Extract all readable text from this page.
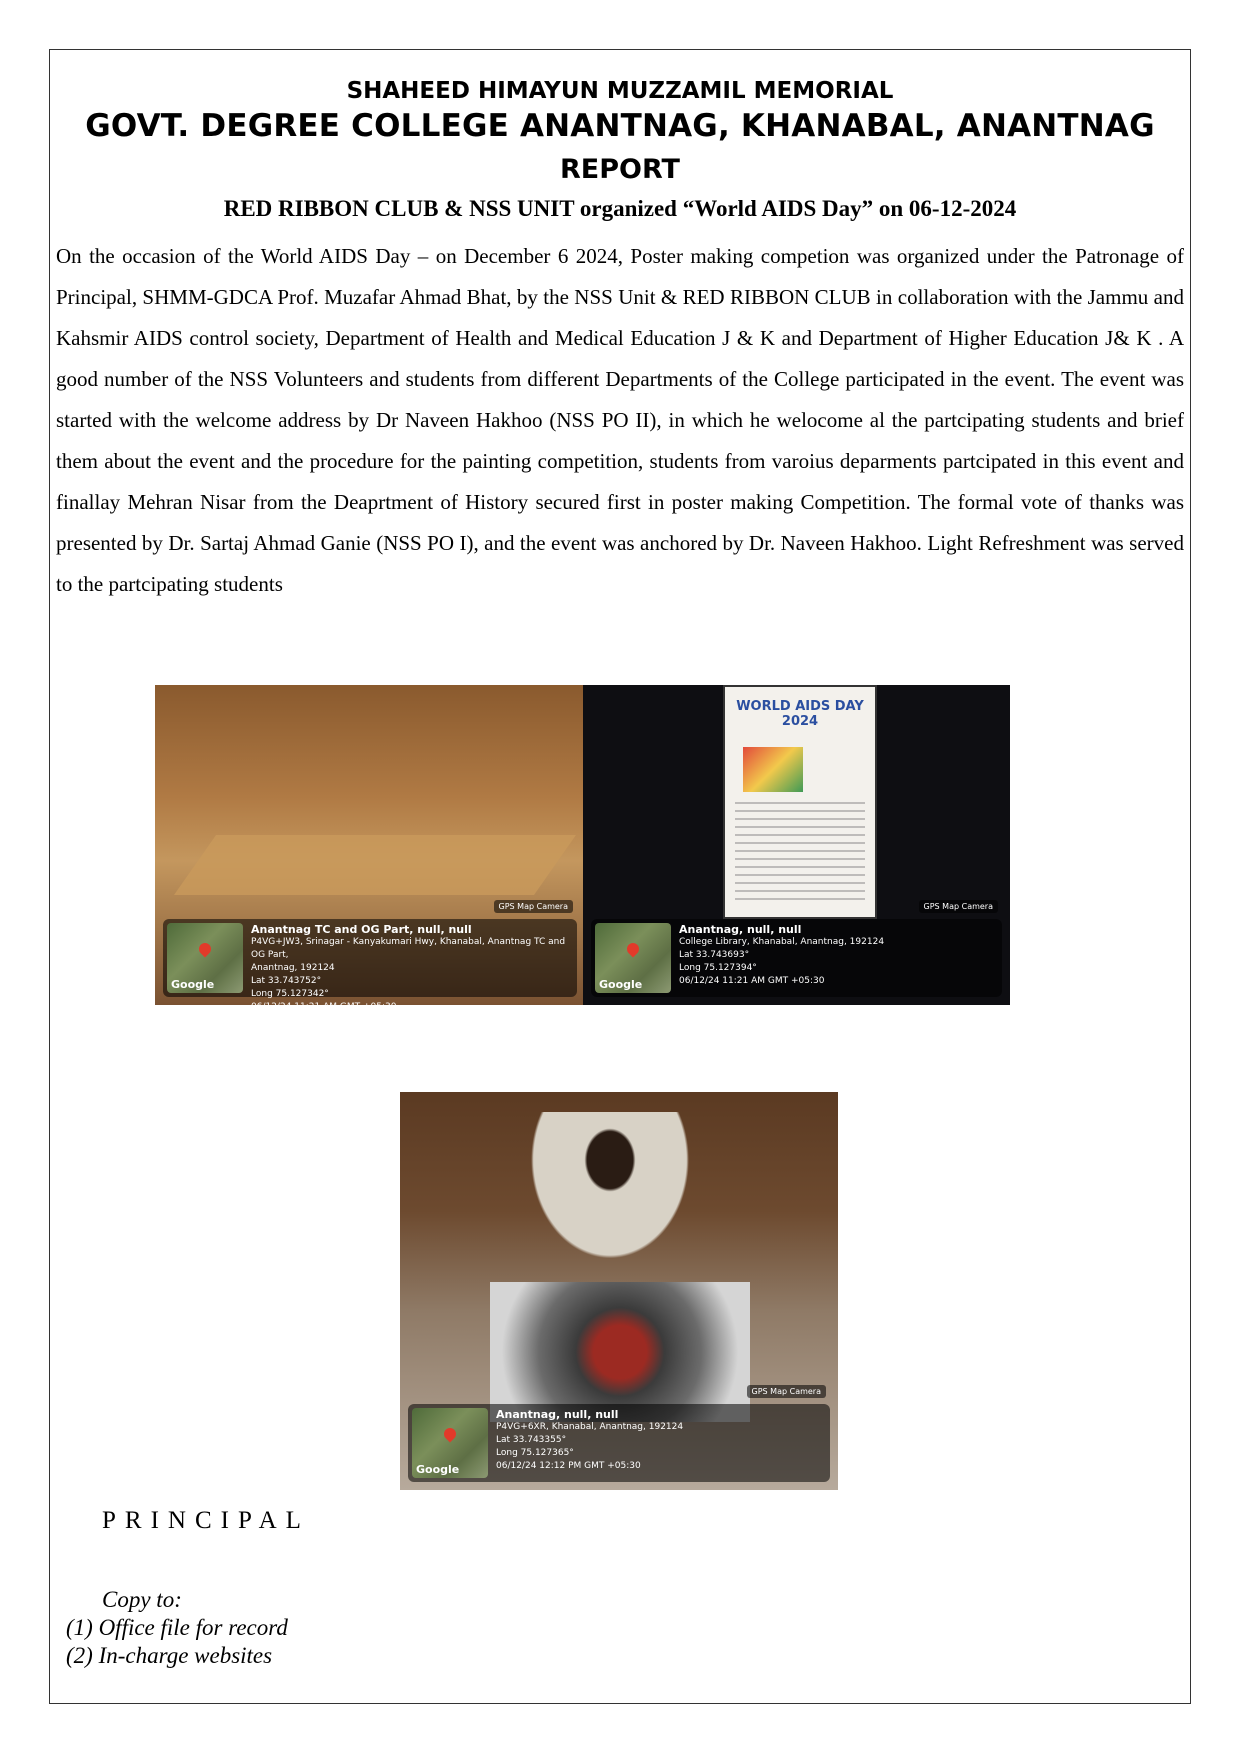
SHAHEED HIMAYUN MUZZAMIL MEMORIAL
GOVT. DEGREE COLLEGE ANANTNAG, KHANABAL, ANANTNAG
REPORT
RED RIBBON CLUB & NSS UNIT organized “World AIDS Day” on 06-12-2024
On the occasion of the World AIDS Day – on December 6 2024, Poster making competion was organized under the Patronage of Principal, SHMM-GDCA Prof. Muzafar Ahmad Bhat, by the NSS Unit & RED RIBBON CLUB in collaboration with the Jammu and Kahsmir AIDS control society, Department of Health and Medical Education J & K and Department of Higher Education J& K . A good number of the NSS Volunteers and students from different Departments of the College participated in the event. The event was started with the welcome address by Dr Naveen Hakhoo (NSS PO II), in which he welocome al the partcipating students and brief them about the event and the procedure for the painting competition, students from varoius deparments partcipated in this event and finallay Mehran Nisar from the Deaprtment of History secured first in poster making Competition. The formal vote of thanks was presented by Dr. Sartaj Ahmad Ganie (NSS PO I), and the event was anchored by Dr. Naveen Hakhoo. Light Refreshment was served to the partcipating students
GPS Map Camera
Google
Anantnag TC and OG Part, null, null
P4VG+JW3, Srinagar - Kanyakumari Hwy, Khanabal, Anantnag TC and OG Part,
Anantnag, 192124
Lat 33.743752°
Long 75.127342°
06/12/24 11:21 AM GMT +05:30
WORLD AIDS DAY 2024
GPS Map Camera
Google
Anantnag, null, null
College Library, Khanabal, Anantnag, 192124
Lat 33.743693°
Long 75.127394°
06/12/24 11:21 AM GMT +05:30
GPS Map Camera
Google
Anantnag, null, null
P4VG+6XR, Khanabal, Anantnag, 192124
Lat 33.743355°
Long 75.127365°
06/12/24 12:12 PM GMT +05:30
PRINCIPAL
Copy to:
(1) Office file for record
(2) In-charge websites
